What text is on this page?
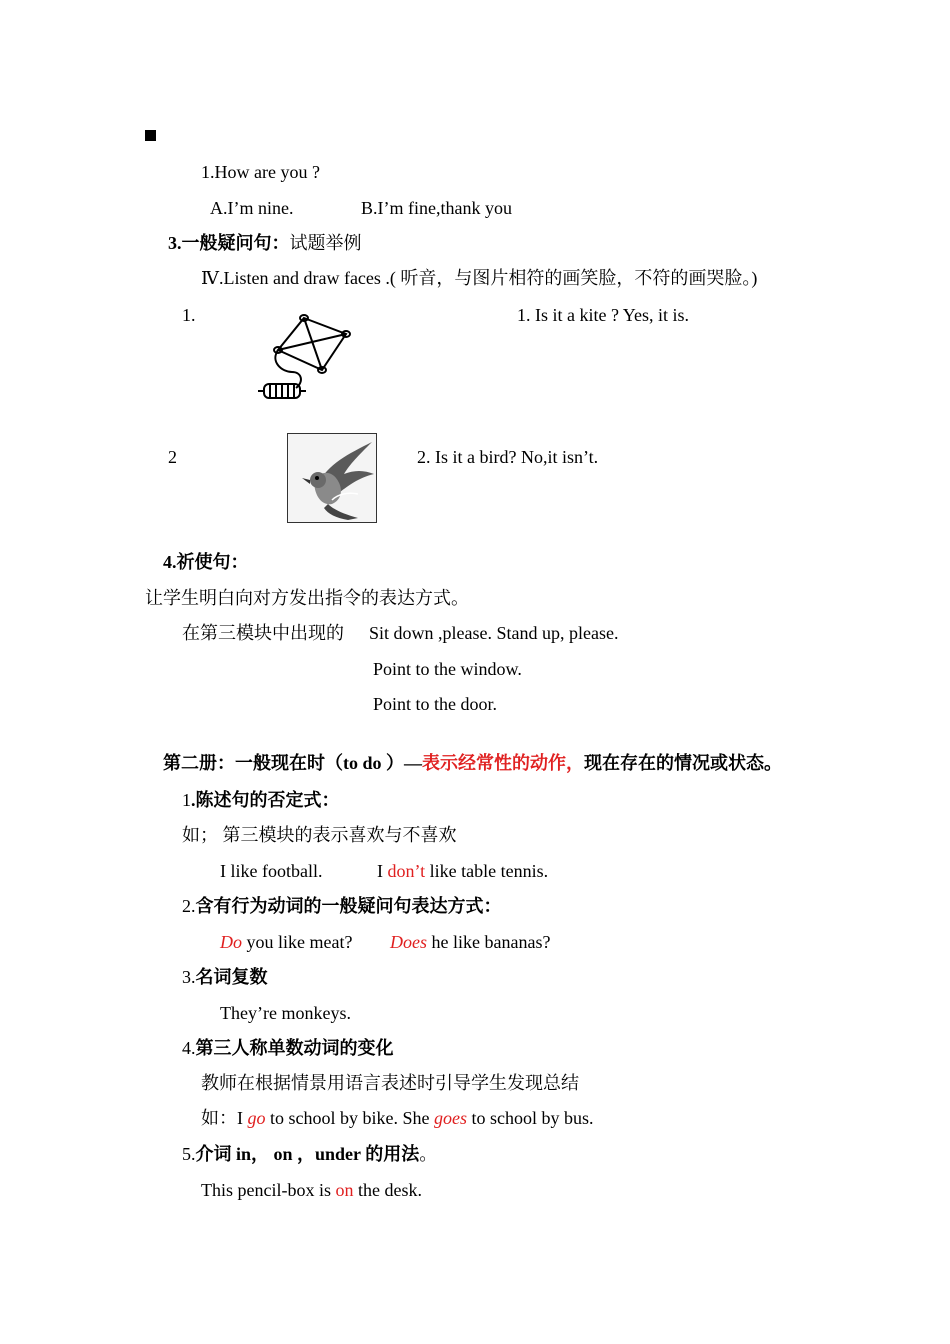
1.How are you ?
A.I’m nine.	B.I’m fine,thank you
3.一般疑问句：试题举例
Ⅳ.Listen and draw faces .( 听音，与图片相符的画笑脸，不符的画哭脸。)
1.	1. Is it a kite ? Yes, it is.
2	2. Is it a bird? No,it isn’t.
4.祈使句：
让学生明白向对方发出指令的表达方式。
在第三模块中出现的 Sit down ,please. Stand up, please.
Point to the window.
Point to the door.
第二册：一般现在时（to do ）—表示经常性的动作，现在存在的情况或状态。
1.陈述句的否定式：
如； 第三模块的表示喜欢与不喜欢
I like football.	I don’t like table tennis.
2.含有行为动词的一般疑问句表达方式：
Do you like meat? Does he like bananas?
3.名词复数
They’re monkeys.
4.第三人称单数动词的变化
教师在根据情景用语言表述时引导学生发现总结
如：I go to school by bike. She goes to school by bus.
5.介词 in， on ，under 的用法。
This pencil-box is on the desk.
